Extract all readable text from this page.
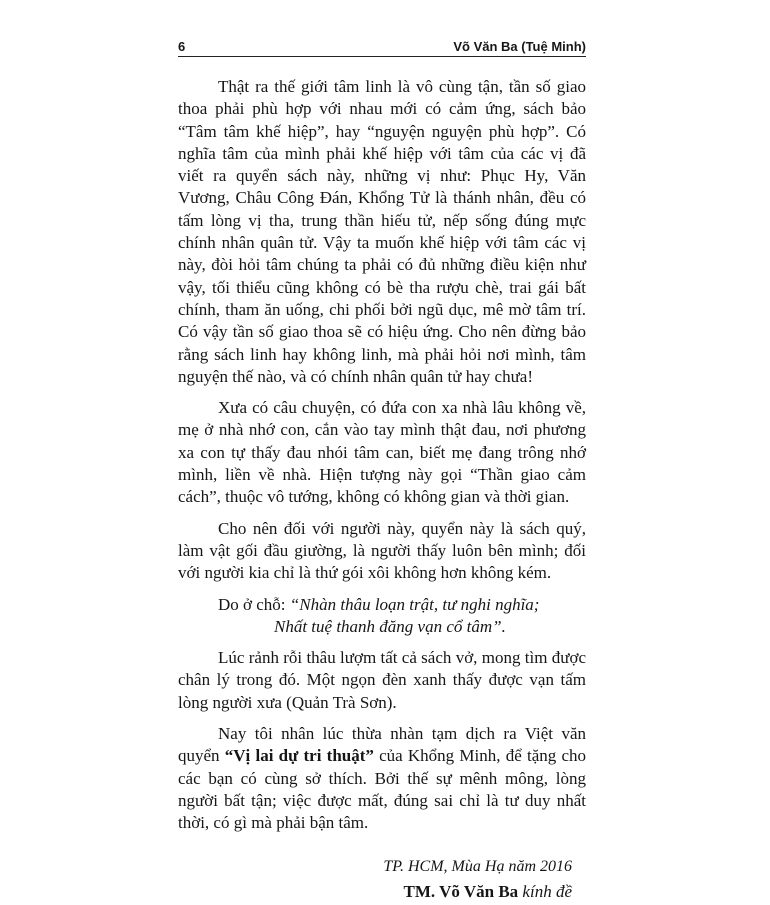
6	Võ Văn Ba (Tuệ Minh)

Thật ra thế giới tâm linh là vô cùng tận, tần số giao thoa phải phù hợp với nhau mới có cảm ứng, sách bảo “Tâm tâm khế hiệp”, hay “nguyện nguyện phù hợp”. Có nghĩa tâm của mình phải khế hiệp với tâm của các vị đã viết ra quyển sách này, những vị như: Phục Hy, Văn Vương, Châu Công Đán, Khổng Tử là thánh nhân, đều có tấm lòng vị tha, trung thần hiếu tử, nếp sống đúng mực chính nhân quân tử. Vậy ta muốn khế hiệp với tâm các vị này, đòi hỏi tâm chúng ta phải có đủ những điều kiện như vậy, tối thiểu cũng không có bè tha rượu chè, trai gái bất chính, tham ăn uống, chi phối bởi ngũ dục, mê mờ tâm trí. Có vậy tần số giao thoa sẽ có hiệu ứng. Cho nên đừng bảo rằng sách linh hay không linh, mà phải hỏi nơi mình, tâm nguyện thế nào, và có chính nhân quân tử hay chưa!

Xưa có câu chuyện, có đứa con xa nhà lâu không về, mẹ ở nhà nhớ con, cắn vào tay mình thật đau, nơi phương xa con tự thấy đau nhói tâm can, biết mẹ đang trông nhớ mình, liền về nhà. Hiện tượng này gọi “Thần giao cảm cách”, thuộc vô tướng, không có không gian và thời gian.

Cho nên đối với người này, quyển này là sách quý, làm vật gối đầu giường, là người thấy luôn bên mình; đối với người kia chỉ là thứ gói xôi không hơn không kém.

Do ở chỗ: “Nhàn thâu loạn trật, tư nghi nghĩa;
Nhất tuệ thanh đăng vạn cổ tâm”.

Lúc rảnh rỗi thâu lượm tất cả sách vở, mong tìm được chân lý trong đó. Một ngọn đèn xanh thấy được vạn tấm lòng người xưa (Quản Trà Sơn).

Nay tôi nhân lúc thừa nhàn tạm dịch ra Việt văn quyển “Vị lai dự tri thuật” của Khổng Minh, để tặng cho các bạn có cùng sở thích. Bởi thế sự mênh mông, lòng người bất tận; việc được mất, đúng sai chỉ là tư duy nhất thời, có gì mà phải bận tâm.

TP. HCM, Mùa Hạ năm 2016
TM. Võ Văn Ba kính đề
